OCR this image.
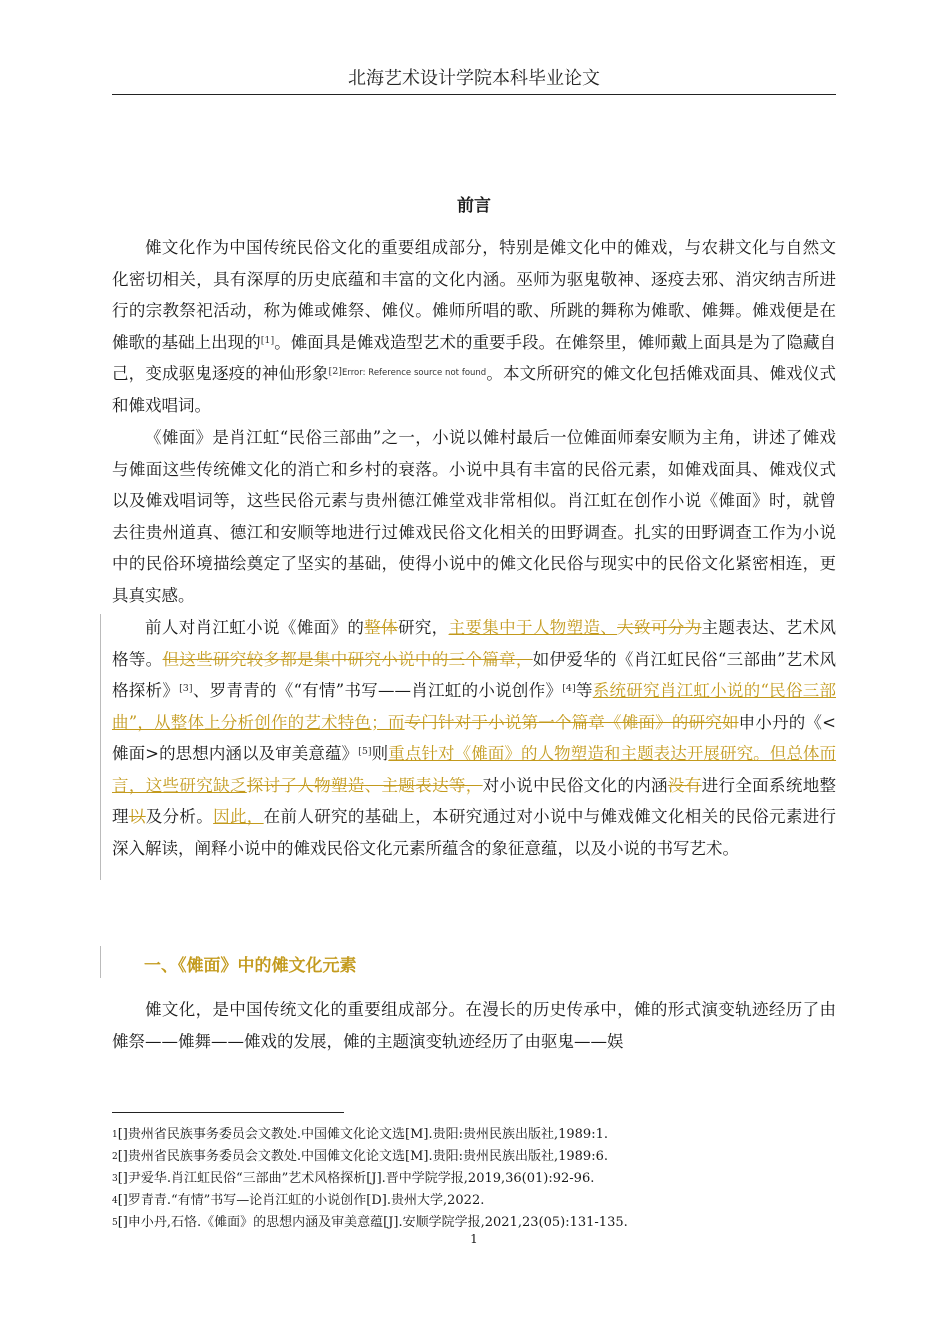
北海艺术设计学院本科毕业论文
前言

傩文化作为中国传统民俗文化的重要组成部分，特别是傩文化中的傩戏，与农耕文化与自然文化密切相关，具有深厚的历史底蕴和丰富的文化内涵。巫师为驱鬼敬神、逐疫去邪、消灾纳吉所进行的宗教祭祀活动，称为傩或傩祭、傩仪。傩师所唱的歌、所跳的舞称为傩歌、傩舞。傩戏便是在傩歌的基础上出现的[1]。傩面具是傩戏造型艺术的重要手段。在傩祭里，傩师戴上面具是为了隐藏自己，变成驱鬼逐疫的神仙形象$^{[2]Error: Reference source not found}$。本文所研究的傩文化包括傩戏面具、傩戏仪式和傩戏唱词。

《傩面》是肖江虹“民俗三部曲”之一，小说以傩村最后一位傩面师秦安顺为主角，讲述了傩戏与傩面这些传统傩文化的消亡和乡村的衰落。小说中具有丰富的民俗元素，如傩戏面具、傩戏仪式以及傩戏唱词等，这些民俗元素与贵州德江傩堂戏非常相似。肖江虹在创作小说《傩面》时，就曾去往贵州道真、德江和安顺等地进行过傩戏民俗文化相关的田野调查。扎实的田野调查工作为小说中的民俗环境描绘奠定了坚实的基础，使得小说中的傩文化民俗与现实中的民俗文化紧密相连，更具真实感。

前人对肖江虹小说《傩面》的整体研究，主要集中于人物塑造、大致可分为主题表达、艺术风格等。但这些研究较多都是集中研究小说中的三个篇章，如伊爱华的《肖江虹民俗“三部曲”艺术风格探析》[3]、罗青青的《“有情”书写——肖江虹的小说创作》[4]等系统研究肖江虹小说的“民俗三部曲”，从整体上分析创作的艺术特色；而专门针对于小说第一个篇章《傩面》的研究如申小丹的《<傩面>的思想内涵以及审美意蕴》[5]则重点针对《傩面》的人物塑造和主题表达开展研究。但总体而言，这些研究缺乏探讨了人物塑造、主题表达等，对小说中民俗文化的内涵没有进行全面系统地整理以及分析。因此，在前人研究的基础上，本研究通过对小说中与傩戏傩文化相关的民俗元素进行深入解读，阐释小说中的傩戏民俗文化元素所蕴含的象征意蕴，以及小说的书写艺术。

一、《傩面》中的傩文化元素

傩文化，是中国传统文化的重要组成部分。在漫长的历史传承中，傩的形式演变轨迹经历了由傩祭——傩舞——傩戏的发展，傩的主题演变轨迹经历了由驱鬼——娱

$^1$[]贵州省民族事务委员会文教处.中国傩文化论文选[M].贵阳:贵州民族出版社,1989:1.
$^2$[]贵州省民族事务委员会文教处.中国傩文化论文选[M].贵阳:贵州民族出版社,1989:6.
$^3$[]尹爱华.肖江虹民俗“三部曲”艺术风格探析[J].晋中学院学报,2019,36(01):92-96.
$^4$[]罗青青.“有情”书写—论肖江虹的小说创作[D].贵州大学,2022.
$^5$[]申小丹,石恪.《傩面》的思想内涵及审美意蕴[J].安顺学院学报,2021,23(05):131-135.
1
